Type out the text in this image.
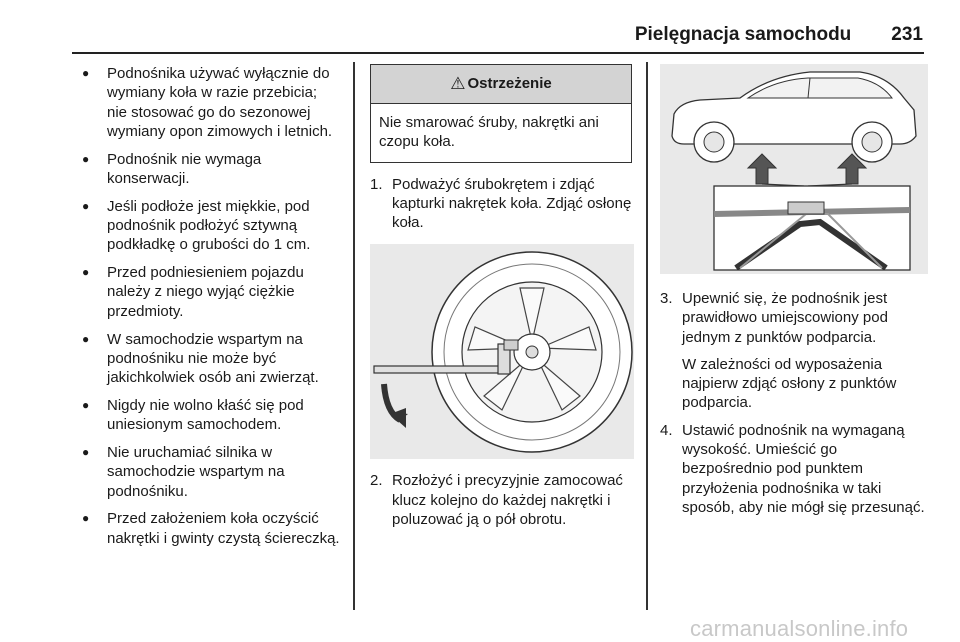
Pielęgnacja samochodu 231
● Podnośnika używać wyłącznie do wymiany koła w razie przebicia; nie stosować go do sezonowej wymiany opon zimowych i letnich.
● Podnośnik nie wymaga konserwacji.
● Jeśli podłoże jest miękkie, pod podnośnik podłożyć sztywną podkładkę o grubości do 1 cm.
● Przed podniesieniem pojazdu należy z niego wyjąć ciężkie przedmioty.
● W samochodzie wspartym na podnośniku nie może być jakichkolwiek osób ani zwierząt.
● Nigdy nie wolno kłaść się pod uniesionym samochodem.
● Nie uruchamiać silnika w samochodzie wspartym na podnośniku.
● Przed założeniem koła oczyścić nakrętki i gwinty czystą ściereczką.
⚠ Ostrzeżenie
Nie smarować śruby, nakrętki ani czopu koła.
1. Podważyć śrubokrętem i zdjąć kapturki nakrętek koła. Zdjąć osłonę koła.
2. Rozłożyć i precyzyjnie zamocować klucz kolejno do każdej nakrętki i poluzować ją o pół obrotu.
3. Upewnić się, że podnośnik jest prawidłowo umiejscowiony pod jednym z punktów podparcia.
W zależności od wyposażenia najpierw zdjąć osłony z punktów podparcia.
4. Ustawić podnośnik na wymaganą wysokość. Umieścić go bezpośrednio pod punktem przyłożenia podnośnika w taki sposób, aby nie mógł się przesunąć.
carmanualsonline.info
